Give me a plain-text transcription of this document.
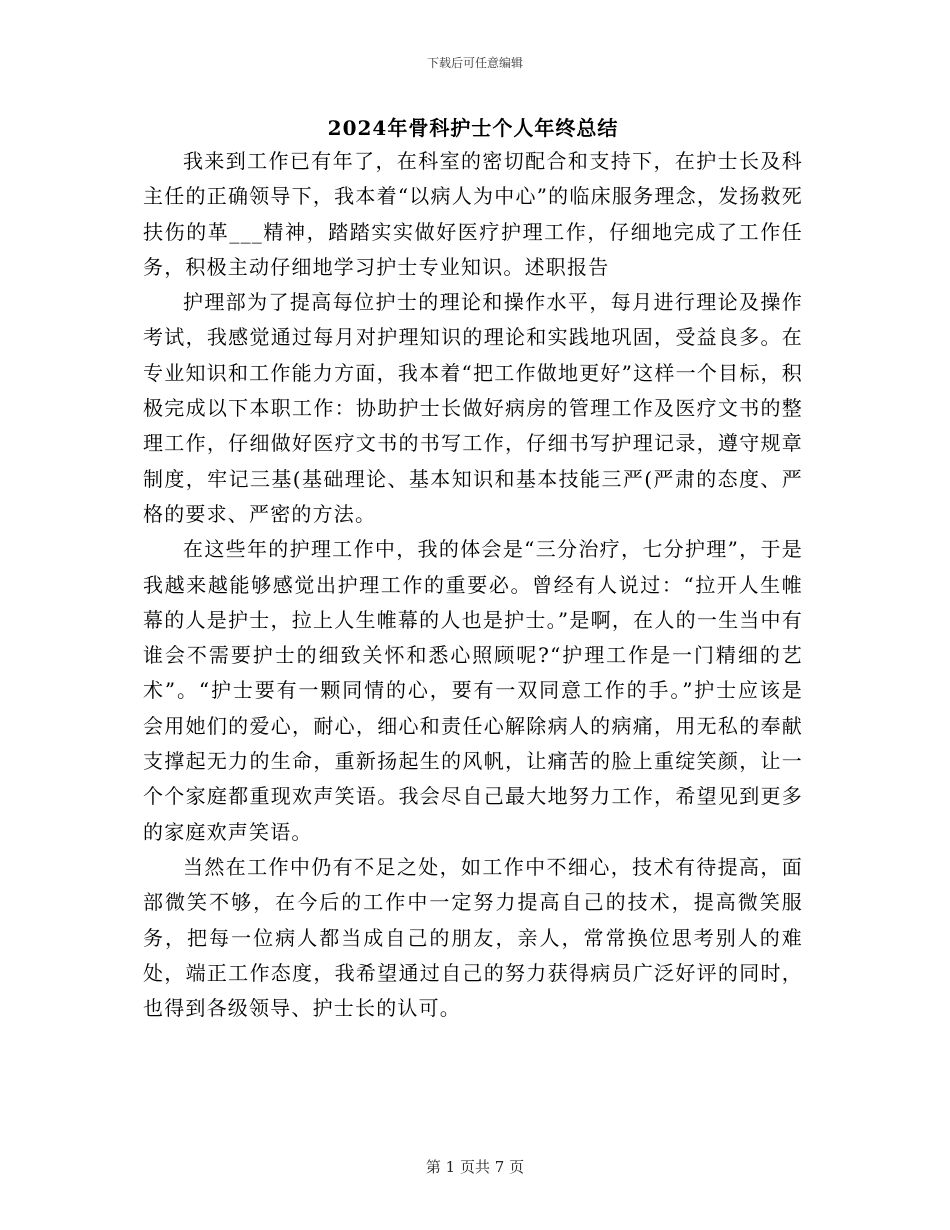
下载后可任意编辑
2024年骨科护士个人年终总结

我来到工作已有年了，在科室的密切配合和支持下，在护士长及科主任的正确领导下，我本着“以病人为中心”的临床服务理念，发扬救死扶伤的革___精神，踏踏实实做好医疗护理工作，仔细地完成了工作任务，积极主动仔细地学习护士专业知识。述职报告

护理部为了提高每位护士的理论和操作水平，每月进行理论及操作考试，我感觉通过每月对护理知识的理论和实践地巩固，受益良多。在专业知识和工作能力方面，我本着“把工作做地更好”这样一个目标，积极完成以下本职工作：协助护士长做好病房的管理工作及医疗文书的整理工作，仔细做好医疗文书的书写工作，仔细书写护理记录，遵守规章制度，牢记三基(基础理论、基本知识和基本技能三严(严肃的态度、严格的要求、严密的方法。

在这些年的护理工作中，我的体会是“三分治疗，七分护理”，于是我越来越能够感觉出护理工作的重要必。曾经有人说过：“拉开人生帷幕的人是护士，拉上人生帷幕的人也是护士。”是啊，在人的一生当中有谁会不需要护士的细致关怀和悉心照顾呢?“护理工作是一门精细的艺术”。“护士要有一颗同情的心，要有一双同意工作的手。”护士应该是会用她们的爱心，耐心，细心和责任心解除病人的病痛，用无私的奉献支撑起无力的生命，重新扬起生的风帆，让痛苦的脸上重绽笑颜，让一个个家庭都重现欢声笑语。我会尽自己最大地努力工作，希望见到更多的家庭欢声笑语。

当然在工作中仍有不足之处，如工作中不细心，技术有待提高，面部微笑不够，在今后的工作中一定努力提高自己的技术，提高微笑服务，把每一位病人都当成自己的朋友，亲人，常常换位思考别人的难处，端正工作态度，我希望通过自己的努力获得病员广泛好评的同时，也得到各级领导、护士长的认可。

第 1 页共 7 页
